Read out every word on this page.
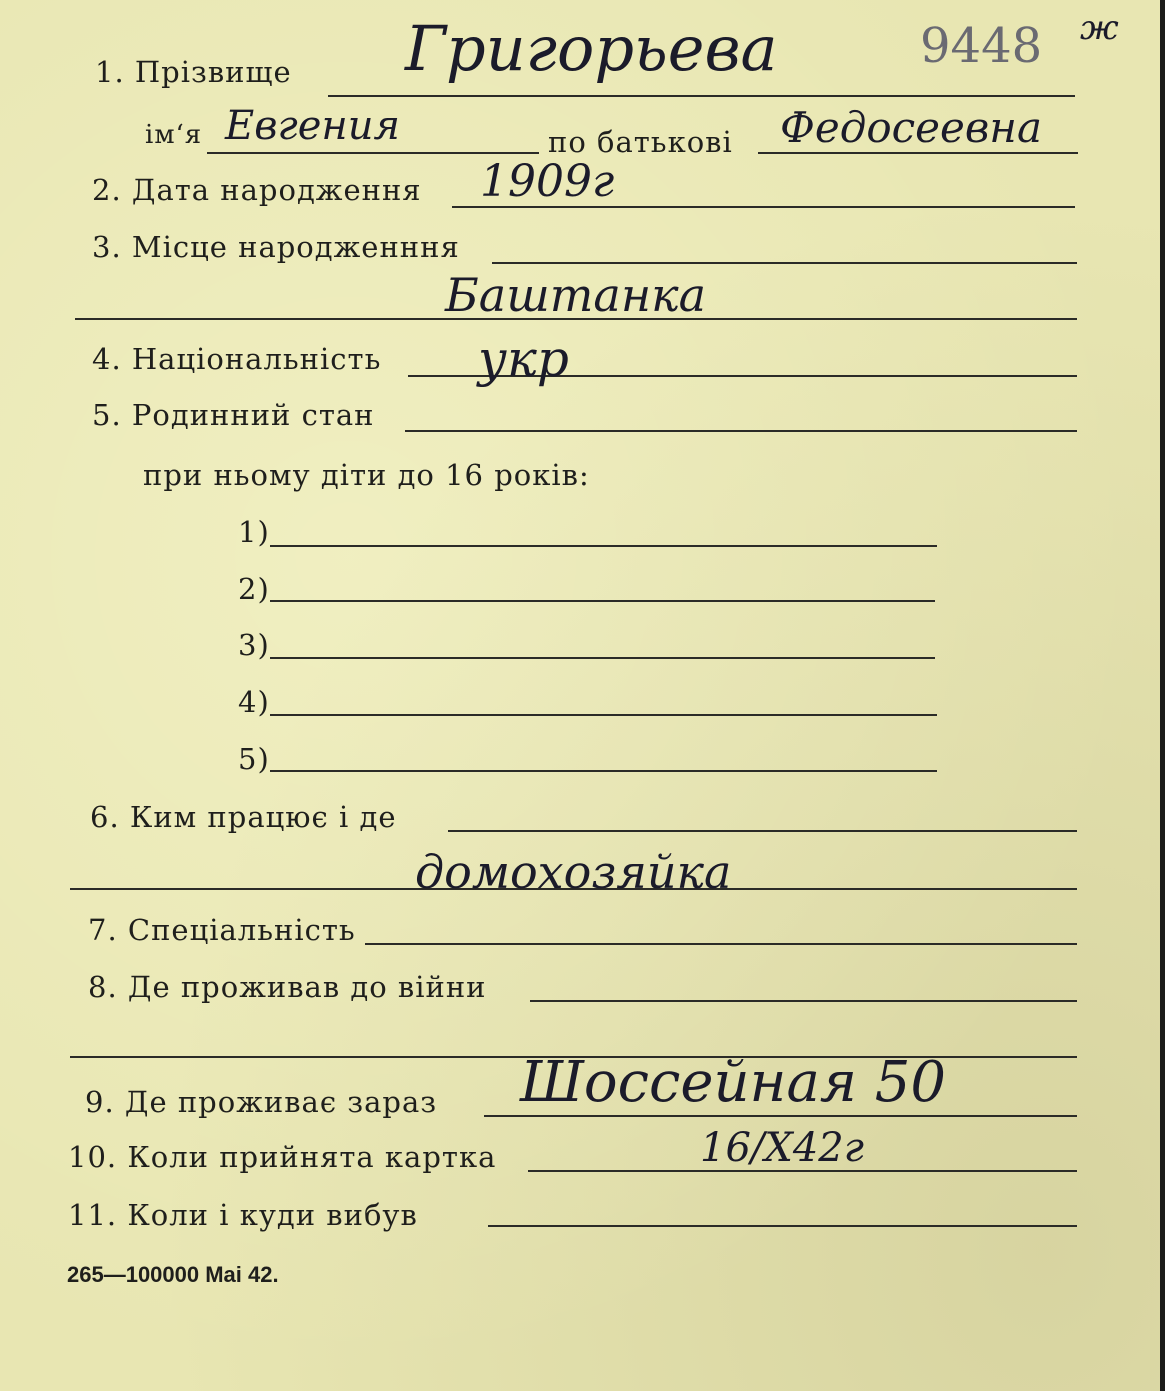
1. Прізвище Григорьева	9448 ж
ім‘я Евгения	по батькові Федосеевна
2. Дата народження 1909г
3. Місце народженння
Баштанка
4. Національність укр
5. Родинний стан
при ньому діти до 16 років:
1)
2)
3)
4)
5)
6. Ким працює і де
домохозяйка
7. Спеціальність
8. Де проживав до війни
9. Де проживає зараз Шоссейная 50
10. Коли прийнята картка	16/X42г
11. Коли і куди вибув
265—100000 Mai 42.
